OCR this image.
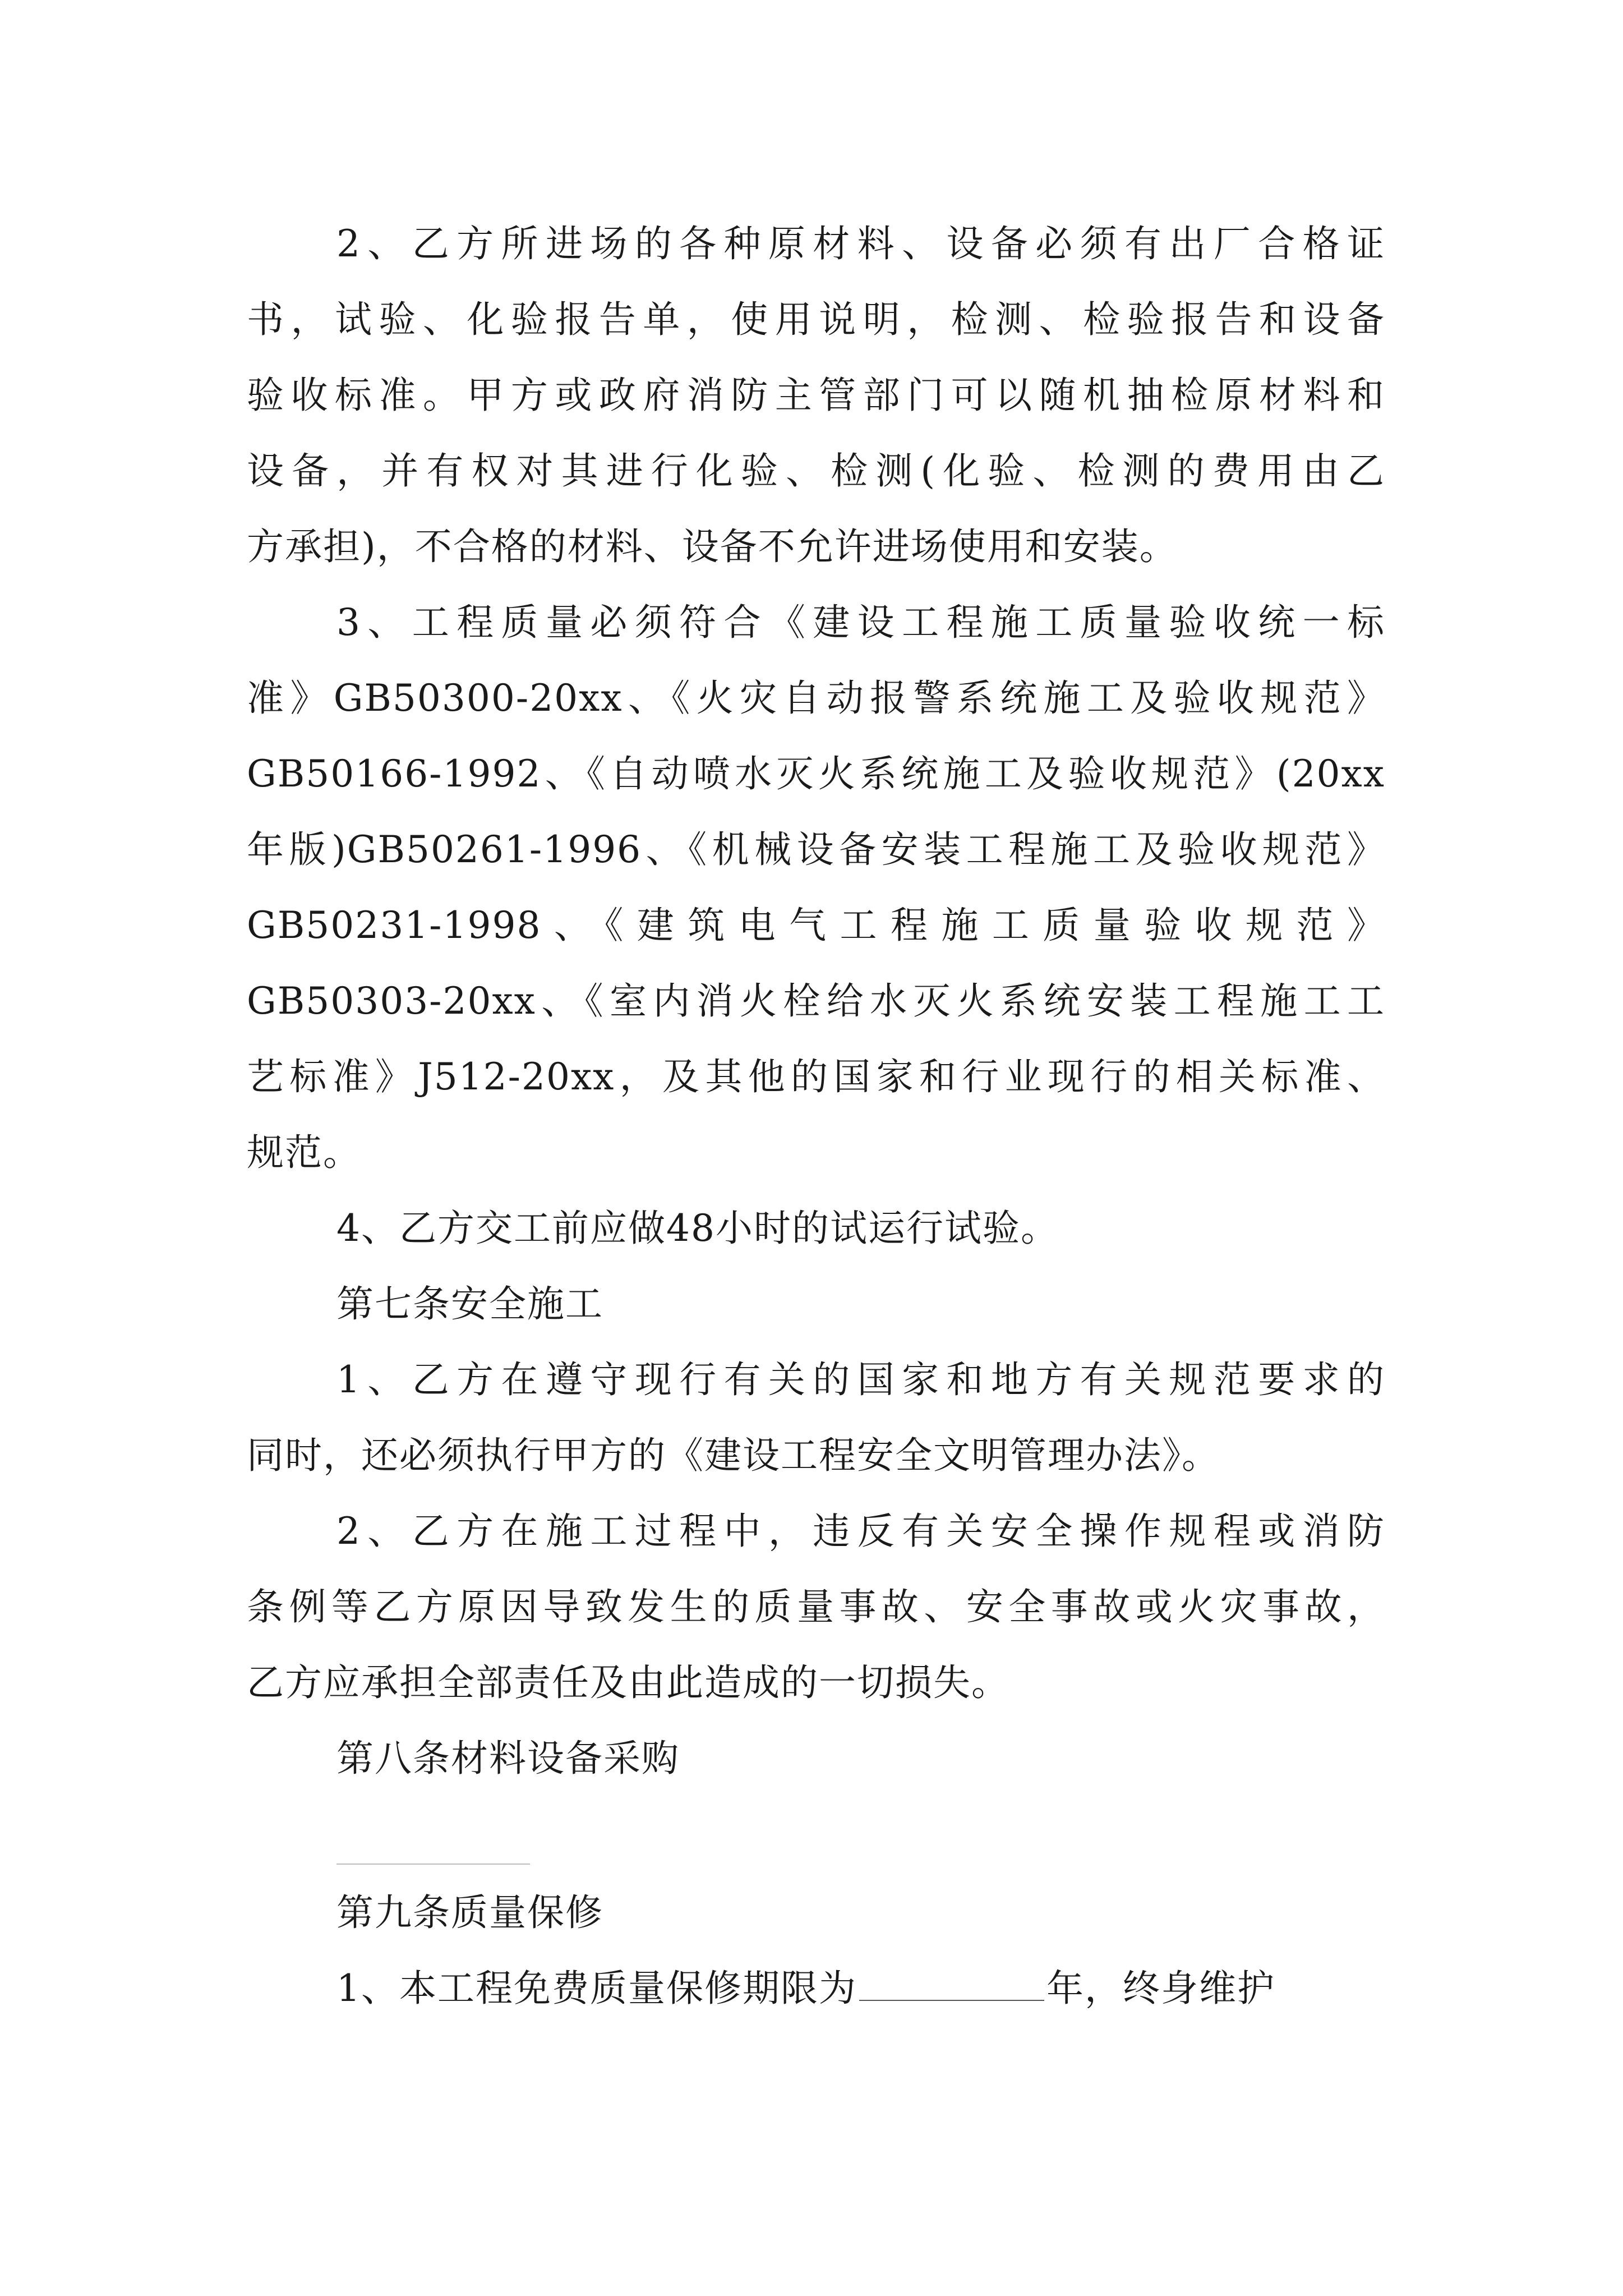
2、乙方所进场的各种原材料、设备必须有出厂合格证
书，试验、化验报告单，使用说明，检测、检验报告和设备
验收标准。甲方或政府消防主管部门可以随机抽检原材料和
设备，并有权对其进行化验、检测(化验、检测的费用由乙
方承担)，不合格的材料、设备不允许进场使用和安装。
3、工程质量必须符合《建设工程施工质量验收统一标
准》GB50300-20xx、《火灾自动报警系统施工及验收规范》
GB50166-1992、《自动喷水灭火系统施工及验收规范》(20xx
年版)GB50261-1996、《机械设备安装工程施工及验收规范》
GB50231-1998、《建筑电气工程施工质量验收规范》
GB50303-20xx、《室内消火栓给水灭火系统安装工程施工工
艺标准》J512-20xx，及其他的国家和行业现行的相关标准、
规范。
4、乙方交工前应做48小时的试运行试验。
第七条安全施工
1、乙方在遵守现行有关的国家和地方有关规范要求的
同时，还必须执行甲方的《建设工程安全文明管理办法》。
2、乙方在施工过程中，违反有关安全操作规程或消防
条例等乙方原因导致发生的质量事故、安全事故或火灾事故，
乙方应承担全部责任及由此造成的一切损失。
第八条材料设备采购
第九条质量保修
1、本工程免费质量保修期限为	年，终身维护
